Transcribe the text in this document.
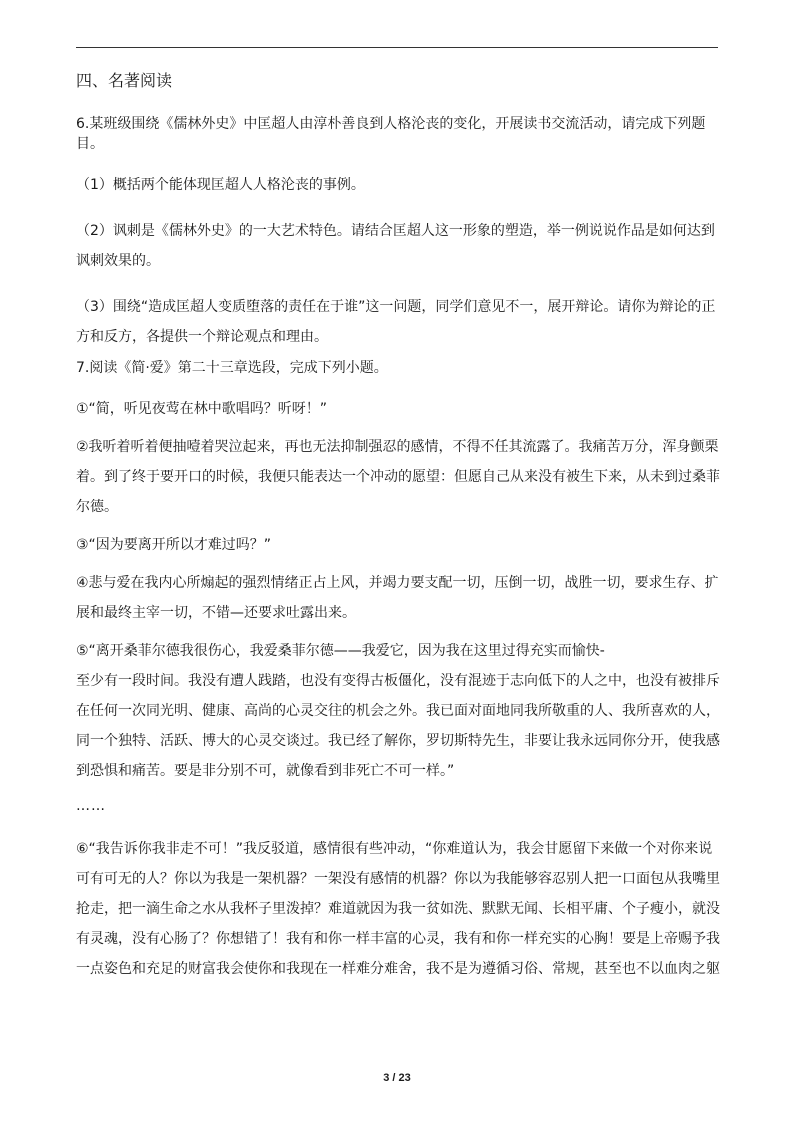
四、名著阅读
6.某班级围绕《儒林外史》中匡超人由淳朴善良到人格沦丧的变化，开展读书交流活动，请完成下列题目。
（1）概括两个能体现匡超人人格沦丧的事例。
（2）讽刺是《儒林外史》的一大艺术特色。请结合匡超人这一形象的塑造，举一例说说作品是如何达到讽刺效果的。
（3）围绕“造成匡超人变质堕落的责任在于谁”这一问题，同学们意见不一，展开辩论。请你为辩论的正方和反方，各提供一个辩论观点和理由。
7.阅读《简·爱》第二十三章选段，完成下列小题。
①“简，听见夜莺在林中歌唱吗？听呀！”
②我听着听着便抽噎着哭泣起来，再也无法抑制强忍的感情，不得不任其流露了。我痛苦万分，浑身颤栗着。到了终于要开口的时候，我便只能表达一个冲动的愿望：但愿自己从来没有被生下来，从未到过桑菲尔德。
③“因为要离开所以才难过吗？”
④悲与爱在我内心所煽起的强烈情绪正占上风，并竭力要支配一切，压倒一切，战胜一切，要求生存、扩展和最终主宰一切，不错—还要求吐露出来。
⑤“离开桑菲尔德我很伤心，我爱桑菲尔德——我爱它，因为我在这里过得充实而愉快-
至少有一段时间。我没有遭人践踏，也没有变得古板僵化，没有混迹于志向低下的人之中，也没有被排斥在任何一次同光明、健康、高尚的心灵交往的机会之外。我已面对面地同我所敬重的人、我所喜欢的人，同一个独特、活跃、博大的心灵交谈过。我已经了解你，罗切斯特先生，非要让我永远同你分开，使我感到恐惧和痛苦。要是非分别不可，就像看到非死亡不可一样。”
……
⑥“我告诉你我非走不可！”我反驳道，感情很有些冲动，“你难道认为，我会甘愿留下来做一个对你来说可有可无的人？你以为我是一架机器？一架没有感情的机器？你以为我能够容忍别人把一口面包从我嘴里抢走，把一滴生命之水从我杯子里泼掉？难道就因为我一贫如洗、默默无闻、长相平庸、个子瘦小，就没有灵魂，没有心肠了？你想错了！我有和你一样丰富的心灵，我有和你一样充实的心胸！要是上帝赐予我一点姿色和充足的财富我会使你和我现在一样难分难舍，我不是为遵循习俗、常规，甚至也不以血肉之躯
3 / 23
